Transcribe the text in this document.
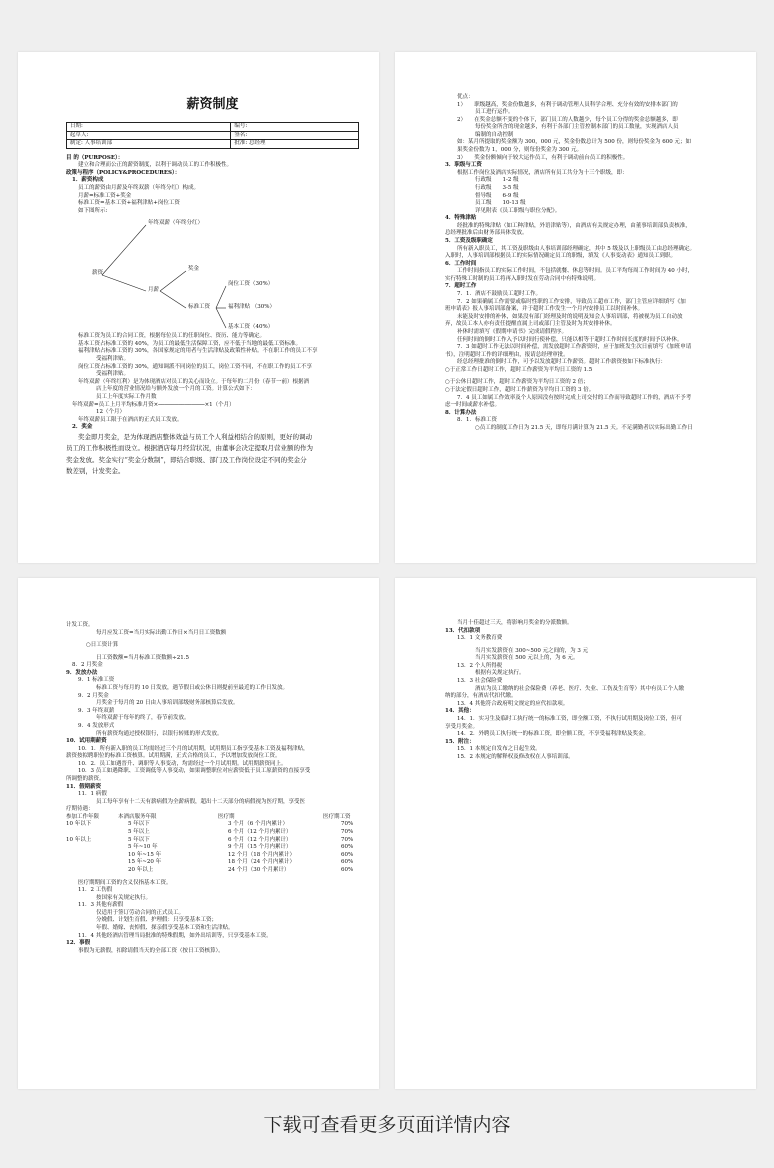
薪资制度
日期:	编号:
起草人:	签名:
制定: 人事培训部	批准: 总经理
目 的（PURPOSE）：
建立和合理而公正的薪资制度，以利于调动员工的工作积极性。
政策与程序（POLICY&PROCEDURES）：
1．薪资构成
员工的薪资由月薪及年终双薪（年终分红）构成。
月薪=标准工资+奖金
标准工资=基本工资+福利津贴+岗位工资
如下图所示:
薪资
年终双薪（年终分红）
月薪
奖金
标准工资
岗位工资（30%）
福利津贴 （30%）
基本工资（40%）
标准工资为员工的合同工资，根据每位员工的任职岗位、资历、能力等确定。
基本工资占标准工资的 40%，为员工的最低生活保障工资，应不低于当地的最低工资标准。
福利津贴占标准工资的 30%，各国家规定的用者与生活津贴及政策性补贴。不在职工作的员工不享
受福利津贴。
岗位工资占标准工资的 30%，通知调派不同岗位的员工，岗位工资不同，不在职工作的员工不享
受福利津贴。
年终双薪（年终红利）是为体现酒店对员工的关心而设立。于每年的二月份（春节一前）根据酒
店上年度的营业情况给与额外发放一个月的工资。计算公式如下：
员工上年度实际工作月数
年终双薪=员工上月平均标准月资×──────────────×1（个月）
12（个月）
年终双薪员工限于在酒店的正式员工发放。
2．奖金
奖金即月奖金，是为体现酒店整体效益与员工个人利益相结合的原则，更好的调动
员工的工作积极性而设立。根据酒店每月经营状况，由董事会决定提取月营业额的作为
奖金发放。奖金实行“奖金分数制”，即结合职级、部门及工作岗位设定不同的奖金分
数差别，计发奖金。
优点：
1）　　职级越高，奖金份数越多，有利于调动管理人员科学合理、充分有效的安排本部门的
员工进行运作。
2）　　在奖金总额不变的个体下，部门员工的人数越少，每个员工分得的奖金总额越多，即
每份奖金所含的现金越多，有利于各部门主管控制本部门的员工数量，实现酒店人员
编制的自动控制
如：某月所提取的奖金额为 300，000 元，奖金份数总计为 500 份，则每份奖金为 600 元；如
果奖金份数为 1，000 分，则每份奖金为 300 元。
3）　　奖金份额倾向于较大运作员工，有利于调动前台员工的积极性。
3．职级与工资
根据工作岗位及酒店实际情况，酒店所有员工共分为十三个职级，即：
行政级　　1-2 级
行政级　　3-5 级
督导级　　6-9 级
员工级　　10-13 级
详见附表《员工职级与职位分配》。
4．特殊津贴
经批准的特殊津贴（如工种津贴，外语津贴等），由酒店有关规定办理，由董事培训部负责核准，
总经理批准后由财务部具体发放。
5．工资及级职确定
所有新入职员工，其工资及职级由人事培训部经理确定，其中 5 级及以上职级员工由总经理确定。
入职时，人事培训部根据员工的实际情况确定员工的职级，填发《人事变动表》通知员工到职。
6．工作时间
工作时间指员工的实际工作时间，不包括就餐、休息等时间。员工平均每周工作时间为 40 小时，
实行特殊工时制的员工将再入职时发在劳动合同中有特殊说明。
7．超时工作
7．1．酒店不鼓励员工超时工作。
7．2 如果确属工作需要或临时性职的工作安排，导致员工超市工作，部门主管应详细填写《加
班申请表》报人事培训部备案，并于超时工作发生一个月内安排员工以时间补休。
未能及时安排的补休，如果没有部门经理及时的说明及知会人事培训部，将被视为员工自动放
弃，故员工本人亦有责任提醒直属上司或部门主管及时为其安排补休。
补休时需填写《假期申请书》完成请假程序。
任何时间的倒时工作入予以时间行使补偿，只能以相等于超时工作时间长度的时间予以补休。
7．3 如超时工作无法以时间补偿，需发放超时工作薪资时，应于加班发生次日前填写《加班申请
书》，注明超时工作的详细理由，报请总经理审批。
经总经理批准的倒时工作，可予以发放超时工作薪资。超时工作薪资按如下标准执行：
○于正常工作日超时工作，超时工作薪资为平均日工资的 1.5
○于公休日超时工作，超时工作薪资为平均日工资的 2 倍；
○于法定假日超时工作，超时工作薪资为平均日工资的 3 倍。
7．4 员工如属工作效率及个人原因没有按时完成上司交付的工作而导致超时工作的，酒店不予考
虑一时间或薪水补偿。
8．计算办法
8．1．标准工资
○员工的制度工作日为 21.5 天，即每月满计算为 21.5 天。不足满勤者以实际出勤工作日
计发工资。
每月应发工资=当月实际出勤工作日×当月日工资数额
○日工资计算
日工资数额=当月标准工资数额÷21.5
8．2 月奖金
9．发放办法
9．1 标准工资
标准工资与每月的 10 日发放，遇节假日或公休日则提前至最近的工作日发放。
9．2 月奖金
月奖金于每月的 20 日由人事培训部级财务部核算后发放。
9．3 年终双薪
年终双薪于每年的终了，春节前发放。
9．4 发放形式
所有薪资均通过授权银行，以银行转账的形式发放。
10．试用期薪资
10．1．所有新入职的员工均需经过三个月的试用期，试用期员工指享受基本工资及福利津贴，
薪资按拟聘职位的标准工资核算。试用期满，正式合格的员工，予以增加发放岗位工资。
10．2．员工如遇晋升、调职等人事变动，均需经过一个月试用期。试用期薪资同上。
10．3 员工如遇降职、工资调低等人事变动，如果调整职位对应薪资低于员工原薪资的直接享受
所调整的薪资。
11．假期薪资
11．1 病假
员工每年享有十二天有薪病假为全薪病假，超出十二天部分的病假视为医疗期，享受医
疗期待遇：
参加工作年限	本酒店服务年限	医疗期	医疗期工资
10 年以下	5 年以下	3 个月（6 个月内累计）	70%
5 年以上	6 个月（12 个月内累计）	70%
10 年以上	5 年以下	6 个月（12 个月内累计）	70%
5 年~10 年	9 个月（15 个月内累计）	60%
10 年~15 年	12 个月（18 个月内累计）	60%
15 年~20 年	18 个月（24 个月内累计）	60%
20 年以上	24 个月（30 个月累计）	60%
医疗期期间工资的含义仅指基本工资。
11．2 工伤假
按国家有关规定执行。
11．3 其他有薪假
仅适用于签订劳动合同的正式员工。
分娩假、计划生育假、护理假：只享受基本工资；
年假、婚嫁、丧悼假、探亲假享受基本工资和生活津贴。
11．4 其他经酒店管理当局批准的特殊假期，如外出培训等，只享受基本工资。
12．事假
事假为无薪假，扣除请假当天的全部工资（按日工资核算）。
当月十佳超过三天，将影响月奖金的分派数额。
13．代扣款项
13．1 文务教育费
当月实发薪资在 300~500 元之间的，为 3 元
当月实发薪资在 500 元以上的，为 6 元。
13．2 个人所得税
根据有关规定执行。
13．3 社会保险费
酒店为员工缴纳的社会保险费（养老、医疗、失业、工伤及生育等）其中有员工个人缴
纳的部分，有酒店代扣代缴。
13．4 其他符合政府明文规定的应代扣款项。
14．其他：
14．1．实习生及临时工执行统一的标准工资，即全额工资，不执行试用期及岗位工资，但可
享受月奖金。
14．2．外聘员工执行统一的标准工资，即全额工资，不享受福利津贴及奖金。
15．附注：
15．1 本规定自发布之日起生效。
15．2 本规定的解释权及修改权在人事培训部。
下载可查看更多页面详情内容
